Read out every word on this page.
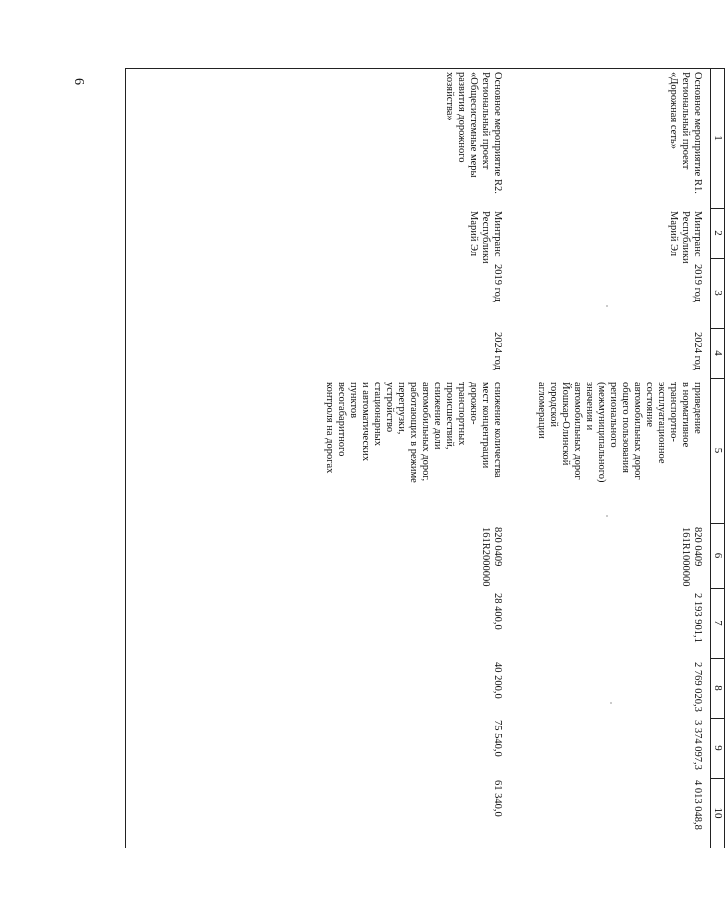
6
1
2
3
4
5
6
7
8
9
10
Основное мероприятие R1.
Региональный проект
«Дорожная сеть»
Минтранс
Республики
Марий Эл
2019 год
2024 год
приведение
в нормативное
транспортно-
эксплуатационное
состояние
автомобильных дорог
общего пользования
регионального
(межмуниципального)
значения и
автомобильных дорог
Йошкар-Олинской
городской
агломерации
820 0409
161R1000000
2 193 901,1
2 769 020,3
3 374 097,3
4 013 048,8
Основное мероприятие R2.
Региональный проект
«Общесистемные меры
развития дорожного
хозяйства»
Минтранс
Республики
Марий Эл
2019 год
2024 год
снижение количества
мест концентрации
дорожно-
транспортных
происшествий,
снижение доли
автомобильных дорог,
работающих в режиме
перегрузки,
устройство
стационарных
и автоматических
пунктов
весогабаритного
контроля на дорогах
820 0409
161R2000000
28 400,0
40 200,0
75 540,0
61 340,0
